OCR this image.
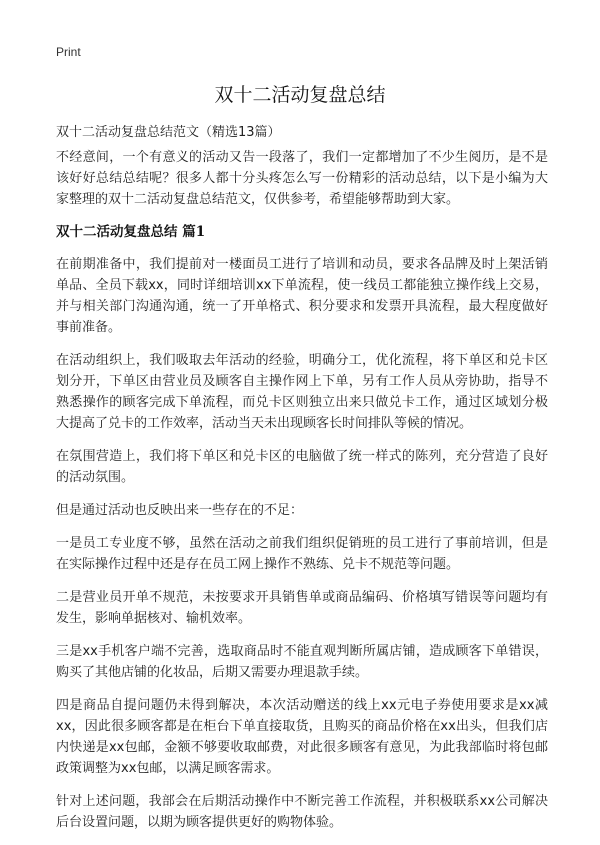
Print
双十二活动复盘总结
双十二活动复盘总结范文（精选13篇）

不经意间，一个有意义的活动又告一段落了，我们一定都增加了不少生阅历，是不是该好好总结总结呢？很多人都十分头疼怎么写一份精彩的活动总结，以下是小编为大家整理的双十二活动复盘总结范文，仅供参考，希望能够帮助到大家。

双十二活动复盘总结 篇1

在前期准备中，我们提前对一楼面员工进行了培训和动员，要求各品牌及时上架活销单品、全员下载xx，同时详细培训xx下单流程，使一线员工都能独立操作线上交易，并与相关部门沟通沟通，统一了开单格式、积分要求和发票开具流程，最大程度做好事前准备。

在活动组织上，我们吸取去年活动的经验，明确分工，优化流程，将下单区和兑卡区划分开，下单区由营业员及顾客自主操作网上下单，另有工作人员从旁协助，指导不熟悉操作的顾客完成下单流程，而兑卡区则独立出来只做兑卡工作，通过区域划分极大提高了兑卡的工作效率，活动当天未出现顾客长时间排队等候的情况。

在氛围营造上，我们将下单区和兑卡区的电脑做了统一样式的陈列，充分营造了良好的活动氛围。

但是通过活动也反映出来一些存在的不足：

一是员工专业度不够，虽然在活动之前我们组织促销班的员工进行了事前培训，但是在实际操作过程中还是存在员工网上操作不熟练、兑卡不规范等问题。

二是营业员开单不规范，未按要求开具销售单或商品编码、价格填写错误等问题均有发生，影响单据核对、输机效率。

三是xx手机客户端不完善，选取商品时不能直观判断所属店铺，造成顾客下单错误，购买了其他店铺的化妆品，后期又需要办理退款手续。

四是商品自提问题仍未得到解决，本次活动赠送的线上xx元电子券使用要求是xx减xx，因此很多顾客都是在柜台下单直接取货，且购买的商品价格在xx出头，但我们店内快递是xx包邮，金额不够要收取邮费，对此很多顾客有意见，为此我部临时将包邮政策调整为xx包邮，以满足顾客需求。

针对上述问题，我部会在后期活动操作中不断完善工作流程，并积极联系xx公司解决后台设置问题，以期为顾客提供更好的购物体验。
